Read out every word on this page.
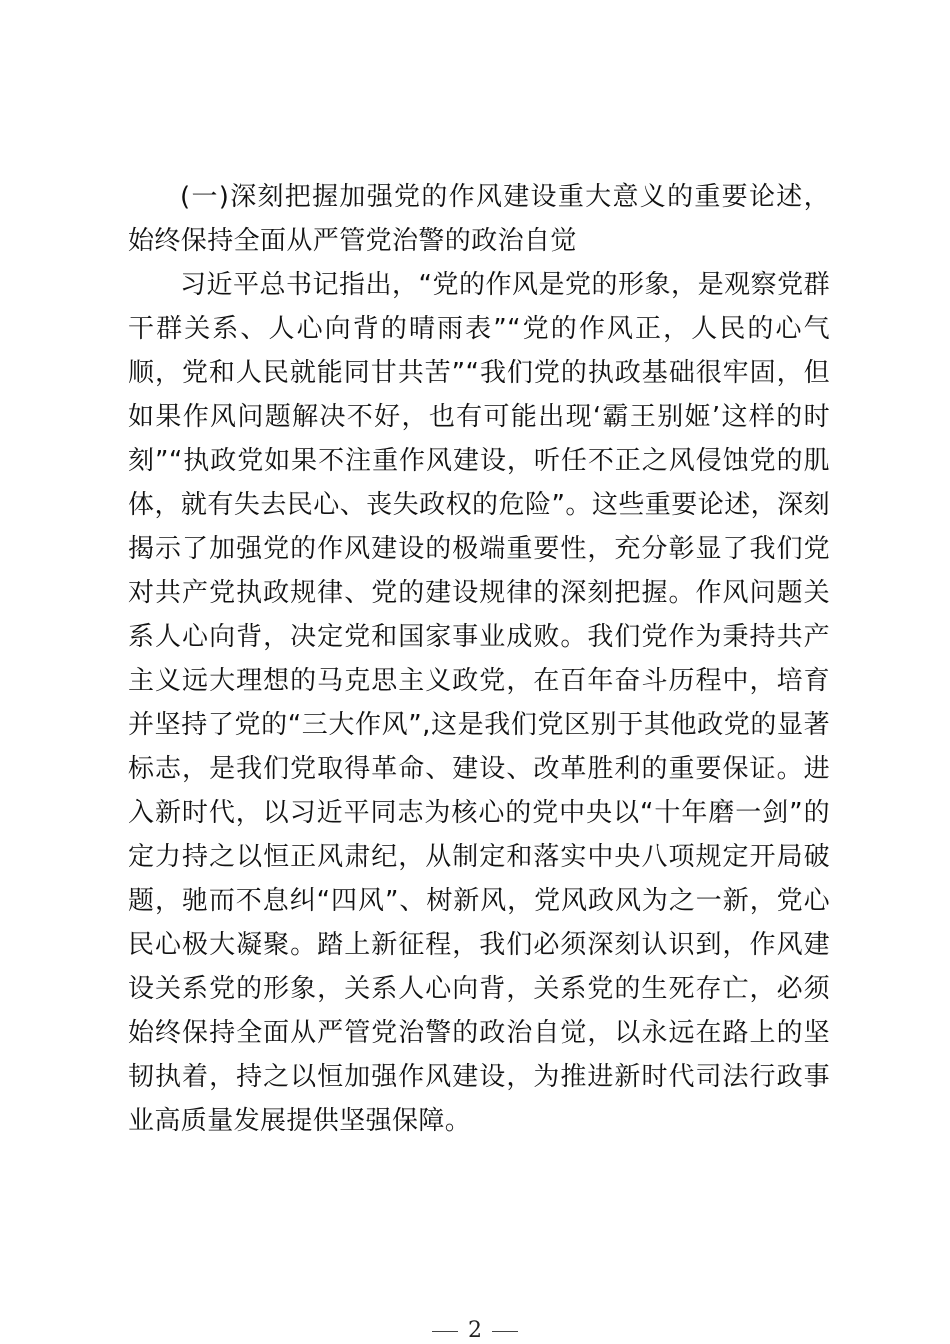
(一)深刻把握加强党的作风建设重大意义的重要论述，始终保持全面从严管党治警的政治自觉

习近平总书记指出，“党的作风是党的形象，是观察党群干群关系、人心向背的晴雨表”“党的作风正，人民的心气顺，党和人民就能同甘共苦”“我们党的执政基础很牢固，但如果作风问题解决不好，也有可能出现‘霸王别姬’这样的时刻”“执政党如果不注重作风建设，听任不正之风侵蚀党的肌体，就有失去民心、丧失政权的危险”。这些重要论述，深刻揭示了加强党的作风建设的极端重要性，充分彰显了我们党对共产党执政规律、党的建设规律的深刻把握。作风问题关系人心向背，决定党和国家事业成败。我们党作为秉持共产主义远大理想的马克思主义政党，在百年奋斗历程中，培育并坚持了党的“三大作风”,这是我们党区别于其他政党的显著标志，是我们党取得革命、建设、改革胜利的重要保证。进入新时代，以习近平同志为核心的党中央以“十年磨一剑”的定力持之以恒正风肃纪，从制定和落实中央八项规定开局破题，驰而不息纠“四风”、树新风，党风政风为之一新，党心民心极大凝聚。踏上新征程，我们必须深刻认识到，作风建设关系党的形象，关系人心向背，关系党的生死存亡，必须始终保持全面从严管党治警的政治自觉，以永远在路上的坚韧执着，持之以恒加强作风建设，为推进新时代司法行政事业高质量发展提供坚强保障。

2
